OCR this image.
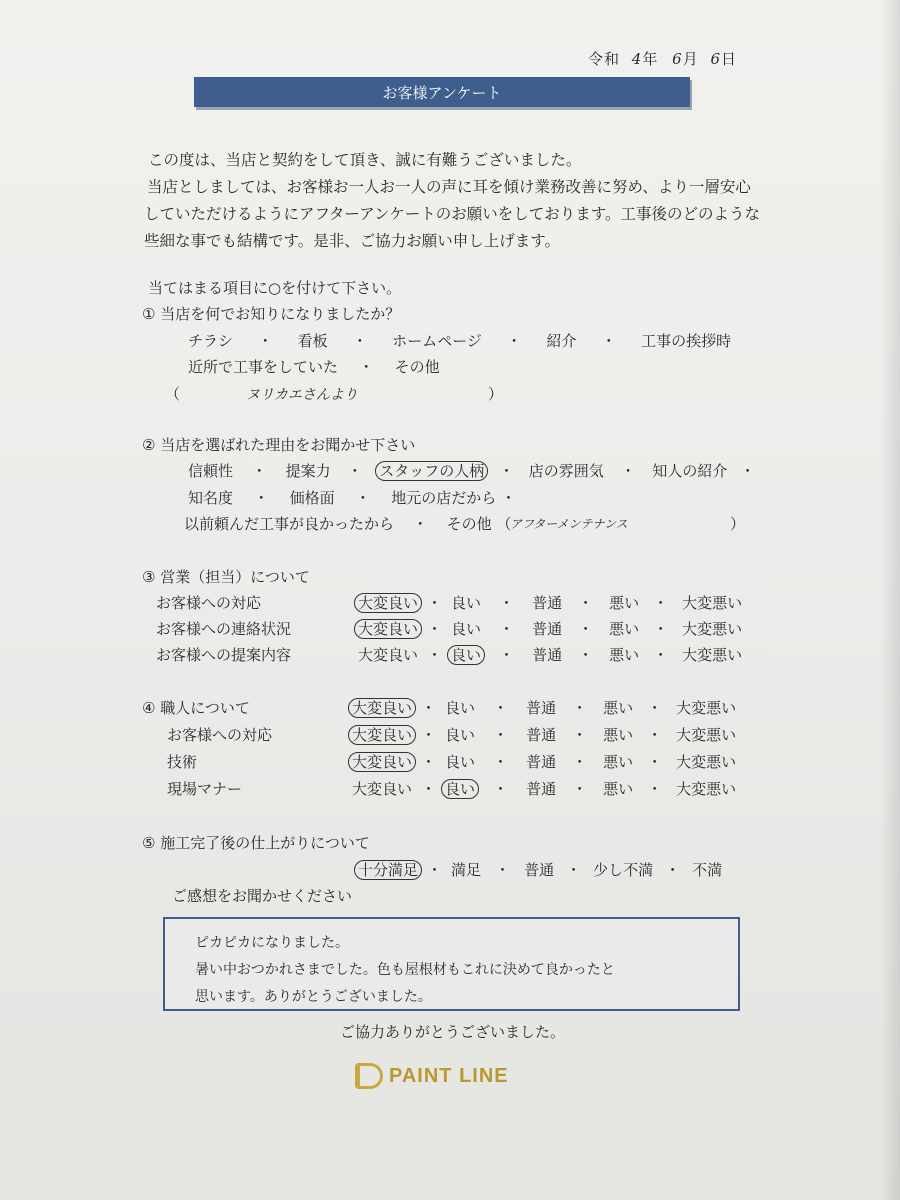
令和 4年 6月 6日
お客様アンケート
この度は、当店と契約をして頂き、誠に有難うございました。
当店としましては、お客様お一人お一人の声に耳を傾け業務改善に努め、より一層安心
していただけるようにアフターアンケートのお願いをしております。工事後のどのような
些細な事でも結構です。是非、ご協力お願い申し上げます。
当てはまる項目に○を付けて下さい。
① 当店を何でお知りになりましたか？
チラシ ・ 看板 ・ ホームページ ・ 紹介 ・ 工事の挨拶時
近所で工事をしていた ・ その他
（	ヌリカエさんより	）
② 当店を選ばれた理由をお聞かせ下さい
信頼性 ・ 提案力 ・ スタッフの人柄 ・ 店の雰囲気 ・ 知人の紹介 ・
知名度 ・ 価格面 ・ 地元の店だから ・
以前頼んだ工事が良かったから ・ その他 （
アフターメンテナンス	）
③ 営業（担当）について
お客様への対応	大変良い ・ 良い ・ 普通 ・ 悪い ・ 大変悪い
お客様への連絡状況	大変良い ・ 良い ・ 普通 ・ 悪い ・ 大変悪い
お客様への提案内容	大変良い ・ 良い ・ 普通 ・ 悪い ・ 大変悪い
④ 職人について	大変良い ・ 良い ・ 普通 ・ 悪い ・ 大変悪い
お客様への対応	大変良い ・ 良い ・ 普通 ・ 悪い ・ 大変悪い
技術	大変良い ・ 良い ・ 普通 ・ 悪い ・ 大変悪い
現場マナー	大変良い ・ 良い ・ 普通 ・ 悪い ・ 大変悪い
⑤ 施工完了後の仕上がりについて
十分満足 ・ 満足 ・ 普通 ・ 少し不満 ・ 不満
ご感想をお聞かせください
ピカピカになりました。
暑い中おつかれさまでした。色も屋根材もこれに決めて良かったと
思います。ありがとうございました。
ご協力ありがとうございました。
PAINT LINE
